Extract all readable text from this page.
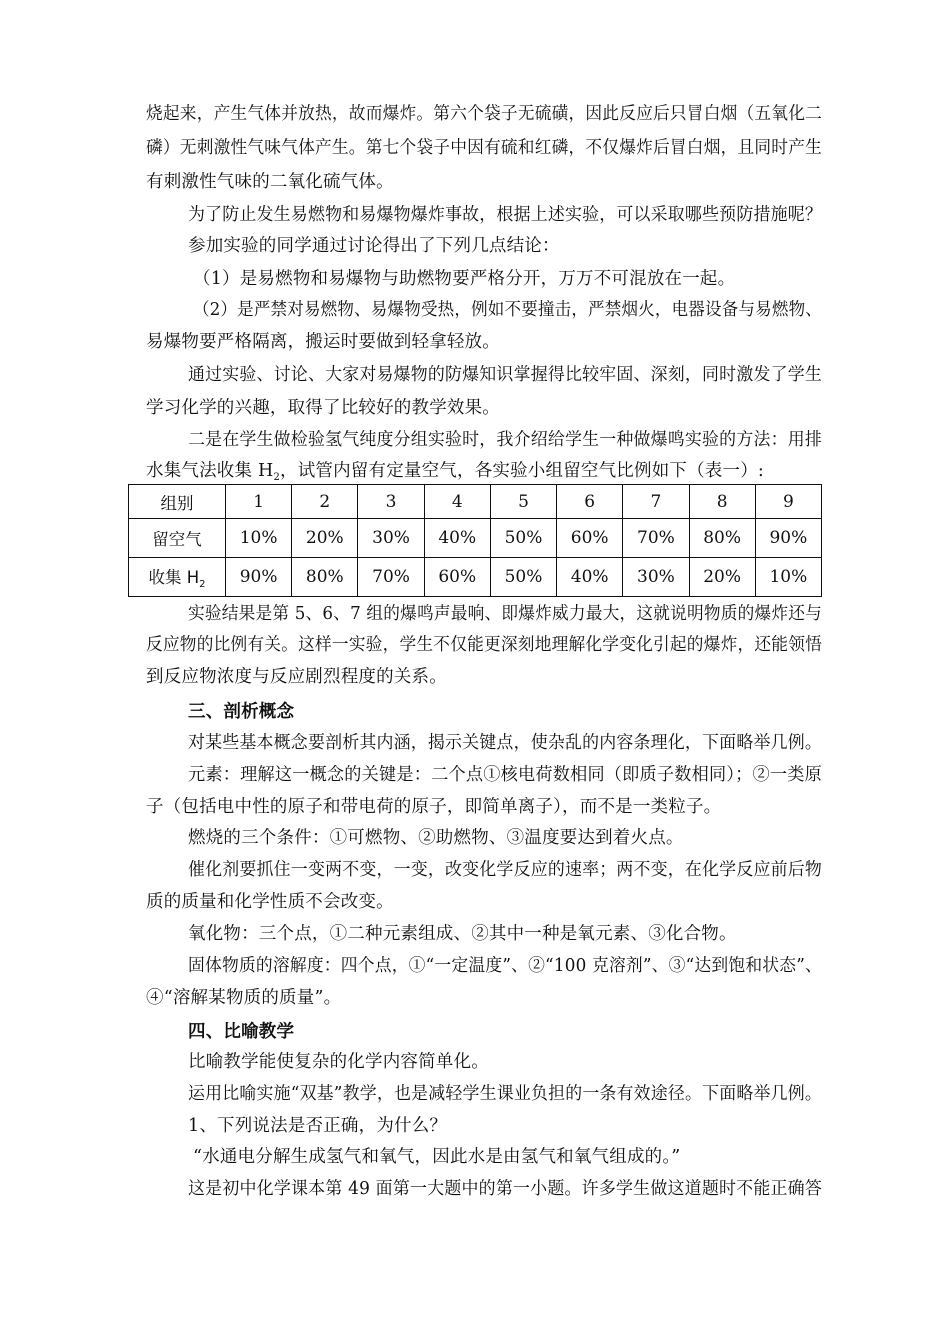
烧起来，产生气体并放热，故而爆炸。第六个袋子无硫磺，因此反应后只冒白烟（五氧化二
磷）无刺激性气味气体产生。第七个袋子中因有硫和红磷，不仅爆炸后冒白烟，且同时产生
有刺激性气味的二氧化硫气体。
为了防止发生易燃物和易爆物爆炸事故，根据上述实验，可以采取哪些预防措施呢？
参加实验的同学通过讨论得出了下列几点结论：
（1）是易燃物和易爆物与助燃物要严格分开，万万不可混放在一起。
（2）是严禁对易燃物、易爆物受热，例如不要撞击，严禁烟火，电器设备与易燃物、
易爆物要严格隔离，搬运时要做到轻拿轻放。
通过实验、讨论、大家对易爆物的防爆知识掌握得比较牢固、深刻，同时激发了学生
学习化学的兴趣，取得了比较好的教学效果。
二是在学生做检验氢气纯度分组实验时，我介绍给学生一种做爆鸣实验的方法：用排
水集气法收集 $H_2$，试管内留有定量空气，各实验小组留空气比例如下（表一）:
组别	1	2	3	4	5	6	7	8	9
留空气	10%	20%	30%	40%	50%	60%	70%	80%	90%
收集 $H_2$	90%	80%	70%	60%	50%	40%	30%	20%	10%
实验结果是第 5、6、7 组的爆鸣声最响、即爆炸威力最大，这就说明物质的爆炸还与
反应物的比例有关。这样一实验，学生不仅能更深刻地理解化学变化引起的爆炸，还能领悟
到反应物浓度与反应剧烈程度的关系。
三、剖析概念
对某些基本概念要剖析其内涵，揭示关键点，使杂乱的内容条理化，下面略举几例。
元素：理解这一概念的关键是：二个点①核电荷数相同（即质子数相同）；②一类原
子（包括电中性的原子和带电荷的原子，即简单离子），而不是一类粒子。
燃烧的三个条件：①可燃物、②助燃物、③温度要达到着火点。
催化剂要抓住一变两不变，一变，改变化学反应的速率；两不变，在化学反应前后物
质的质量和化学性质不会改变。
氧化物：三个点，①二种元素组成、②其中一种是氧元素、③化合物。
固体物质的溶解度：四个点，①“一定温度”、②“100 克溶剂”、③“达到饱和状态”、
④“溶解某物质的质量”。
四、比喻教学
比喻教学能使复杂的化学内容简单化。
运用比喻实施“双基”教学，也是减轻学生课业负担的一条有效途径。下面略举几例。
1、下列说法是否正确，为什么？
“水通电分解生成氢气和氧气，因此水是由氢气和氧气组成的。”
这是初中化学课本第 49 面第一大题中的第一小题。许多学生做这道题时不能正确答
